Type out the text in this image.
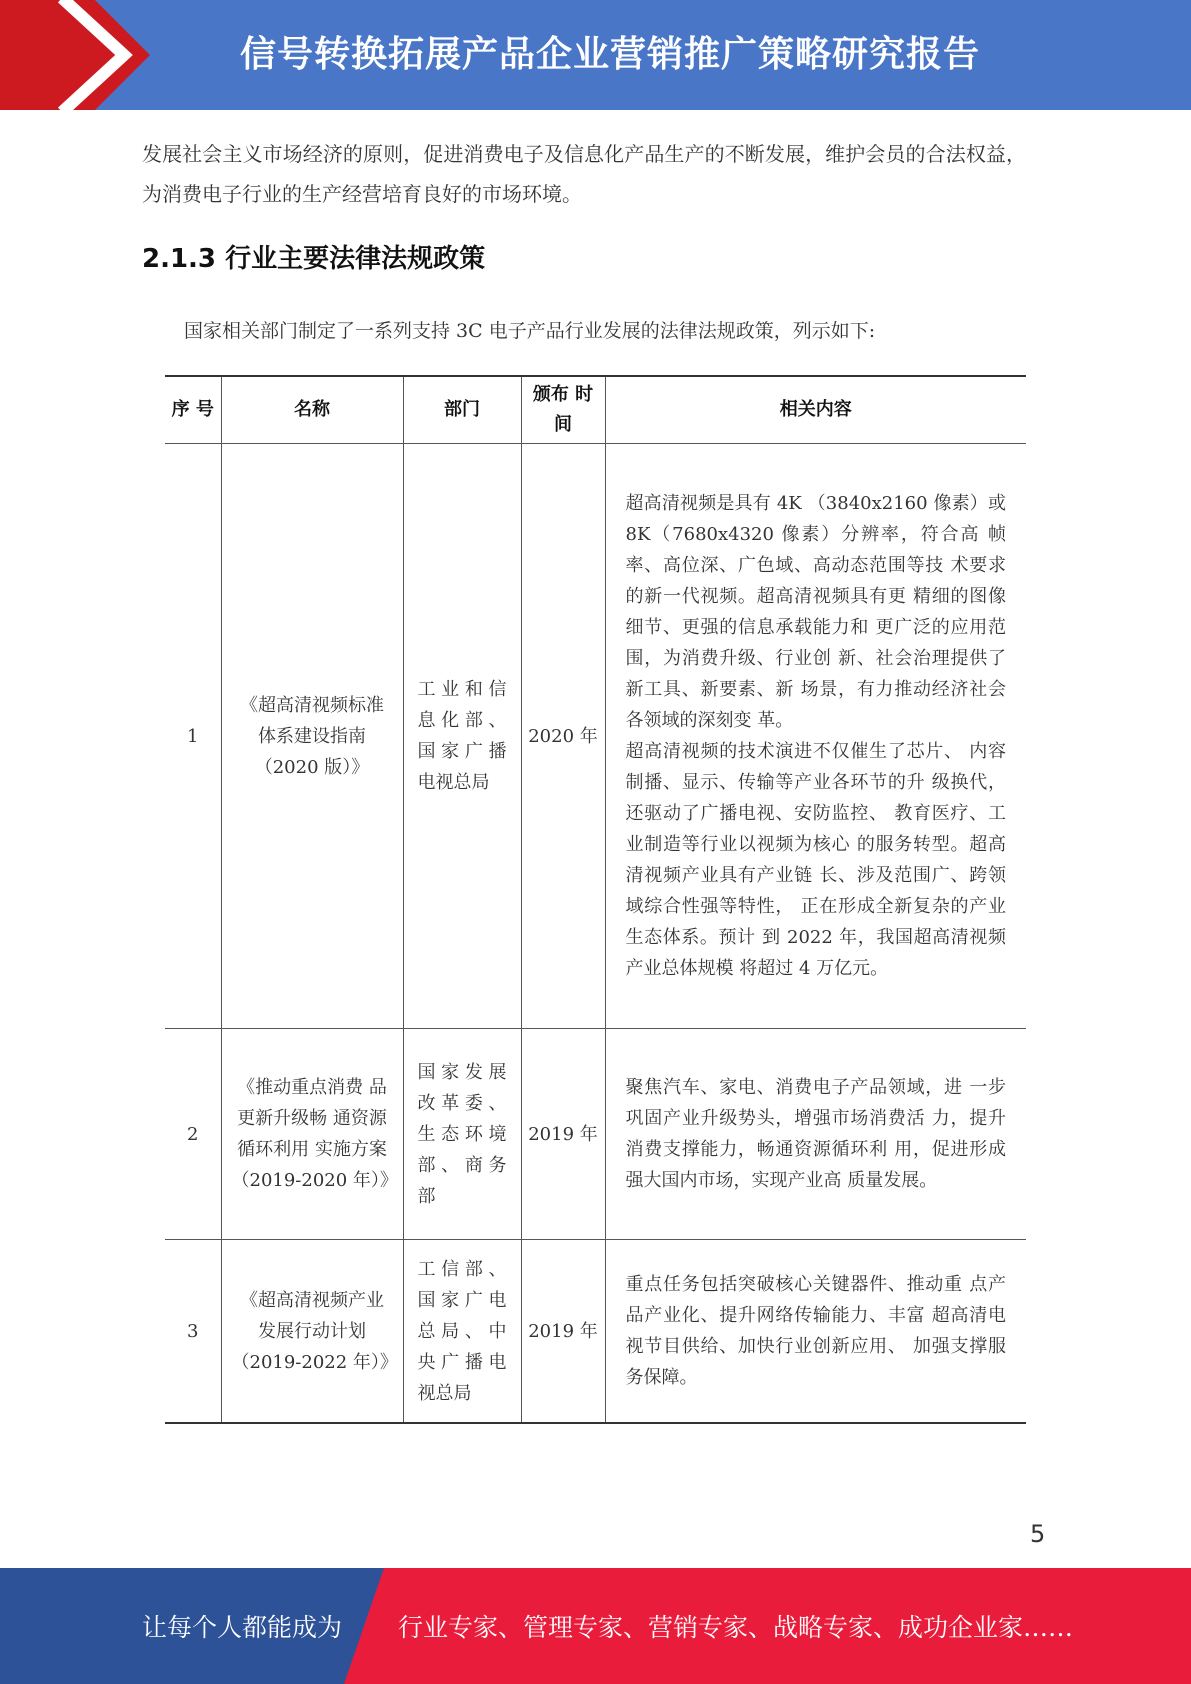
信号转换拓展产品企业营销推广策略研究报告
发展社会主义市场经济的原则，促进消费电子及信息化产品生产的不断发展，维护会员的合法权益，为消费电子行业的生产经营培育良好的市场环境。
2.1.3 行业主要法律法规政策
国家相关部门制定了一系列支持 3C 电子产品行业发展的法律法规政策，列示如下:
序 号	名称	部门	颁布 时间	相关内容
1	《超高清视频标准体系建设指南（2020 版）》	工业和信息化部、国家广播电视总局	2020 年	超高清视频是具有 4K （3840x2160 像素）或 8K（7680x4320 像素）分辨率，符合高 帧率、高位深、广色域、高动态范围等技 术要求的新一代视频。超高清视频具有更 精细的图像细节、更强的信息承载能力和 更广泛的应用范围，为消费升级、行业创 新、社会治理提供了新工具、新要素、新 场景，有力推动经济社会各领域的深刻变 革。
超高清视频的技术演进不仅催生了芯片、 内容制播、显示、传输等产业各环节的升 级换代，还驱动了广播电视、安防监控、 教育医疗、工业制造等行业以视频为核心 的服务转型。超高清视频产业具有产业链 长、涉及范围广、跨领域综合性强等特性， 正在形成全新复杂的产业生态体系。预计 到 2022 年，我国超高清视频产业总体规模 将超过 4 万亿元。

2	《推动重点消费 品更新升级畅 通资源循环利用 实施方案（2019-2020 年）》	国家发展改革委、生态环境部、商务部	2019 年	聚焦汽车、家电、消费电子产品领域，进 一步巩固产业升级势头，增强市场消费活 力，提升消费支撑能力，畅通资源循环利 用，促进形成强大国内市场，实现产业高 质量发展。

3	《超高清视频产业发展行动计划（2019-2022 年）》	工信部、国家广电总局、中央广播电视总局	2019 年	重点任务包括突破核心关键器件、推动重 点产品产业化、提升网络传输能力、丰富 超高清电视节目供给、加快行业创新应用、 加强支撑服务保障。
5
让每个人都能成为 行业专家、管理专家、营销专家、战略专家、成功企业家……
